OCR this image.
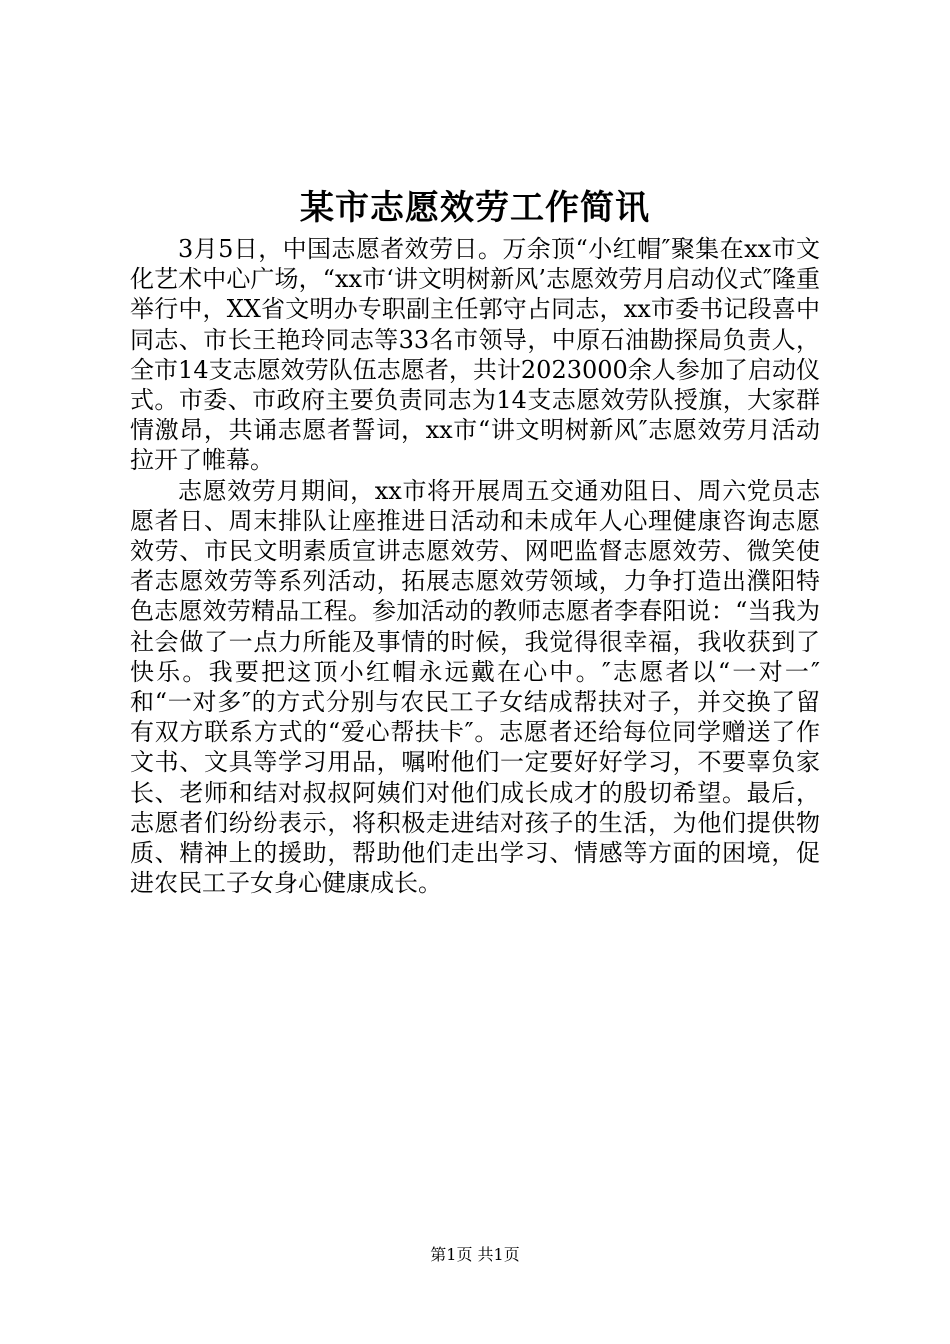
某市志愿效劳工作简讯

3月5日，中国志愿者效劳日。万余顶“小红帽″聚集在xx市文化艺术中心广场，“xx市‘讲文明树新风’志愿效劳月启动仪式″隆重举行中，XX省文明办专职副主任郭守占同志，xx市委书记段喜中同志、市长王艳玲同志等33名市领导，中原石油勘探局负责人，全市14支志愿效劳队伍志愿者，共计2023000余人参加了启动仪式。市委、市政府主要负责同志为14支志愿效劳队授旗，大家群情激昂，共诵志愿者誓词，xx市“讲文明树新风″志愿效劳月活动拉开了帷幕。

志愿效劳月期间，xx市将开展周五交通劝阻日、周六党员志愿者日、周末排队让座推进日活动和未成年人心理健康咨询志愿效劳、市民文明素质宣讲志愿效劳、网吧监督志愿效劳、微笑使者志愿效劳等系列活动，拓展志愿效劳领域，力争打造出濮阳特色志愿效劳精品工程。参加活动的教师志愿者李春阳说：“当我为社会做了一点力所能及事情的时候，我觉得很幸福，我收获到了快乐。我要把这顶小红帽永远戴在心中。″志愿者以“一对一″和“一对多″的方式分别与农民工子女结成帮扶对子，并交换了留有双方联系方式的“爱心帮扶卡″。志愿者还给每位同学赠送了作文书、文具等学习用品，嘱咐他们一定要好好学习，不要辜负家长、老师和结对叔叔阿姨们对他们成长成才的殷切希望。最后，志愿者们纷纷表示，将积极走进结对孩子的生活，为他们提供物质、精神上的援助，帮助他们走出学习、情感等方面的困境，促进农民工子女身心健康成长。

第1页 共1页
